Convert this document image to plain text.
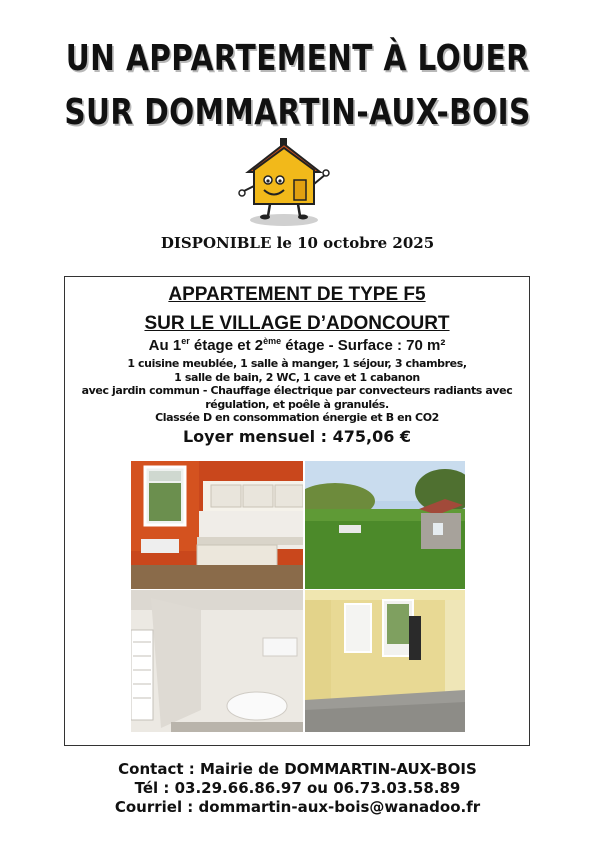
UN APPARTEMENT À LOUER
SUR DOMMARTIN-AUX-BOIS
DISPONIBLE le 10 octobre 2025
APPARTEMENT DE TYPE F5
SUR LE VILLAGE D’ADONCOURT
Au 1er étage et 2ème étage - Surface : 70 m²
1 cuisine meublée, 1 salle à manger, 1 séjour, 3 chambres,
1 salle de bain, 2 WC, 1 cave et 1 cabanon
avec jardin commun - Chauffage électrique par convecteurs radiants avec
régulation, et poêle à granulés.
Classée D en consommation énergie et B en CO2
Loyer mensuel : 475,06 €
Contact : Mairie de DOMMARTIN-AUX-BOIS
Tél : 03.29.66.86.97 ou 06.73.03.58.89
Courriel : dommartin-aux-bois@wanadoo.fr
